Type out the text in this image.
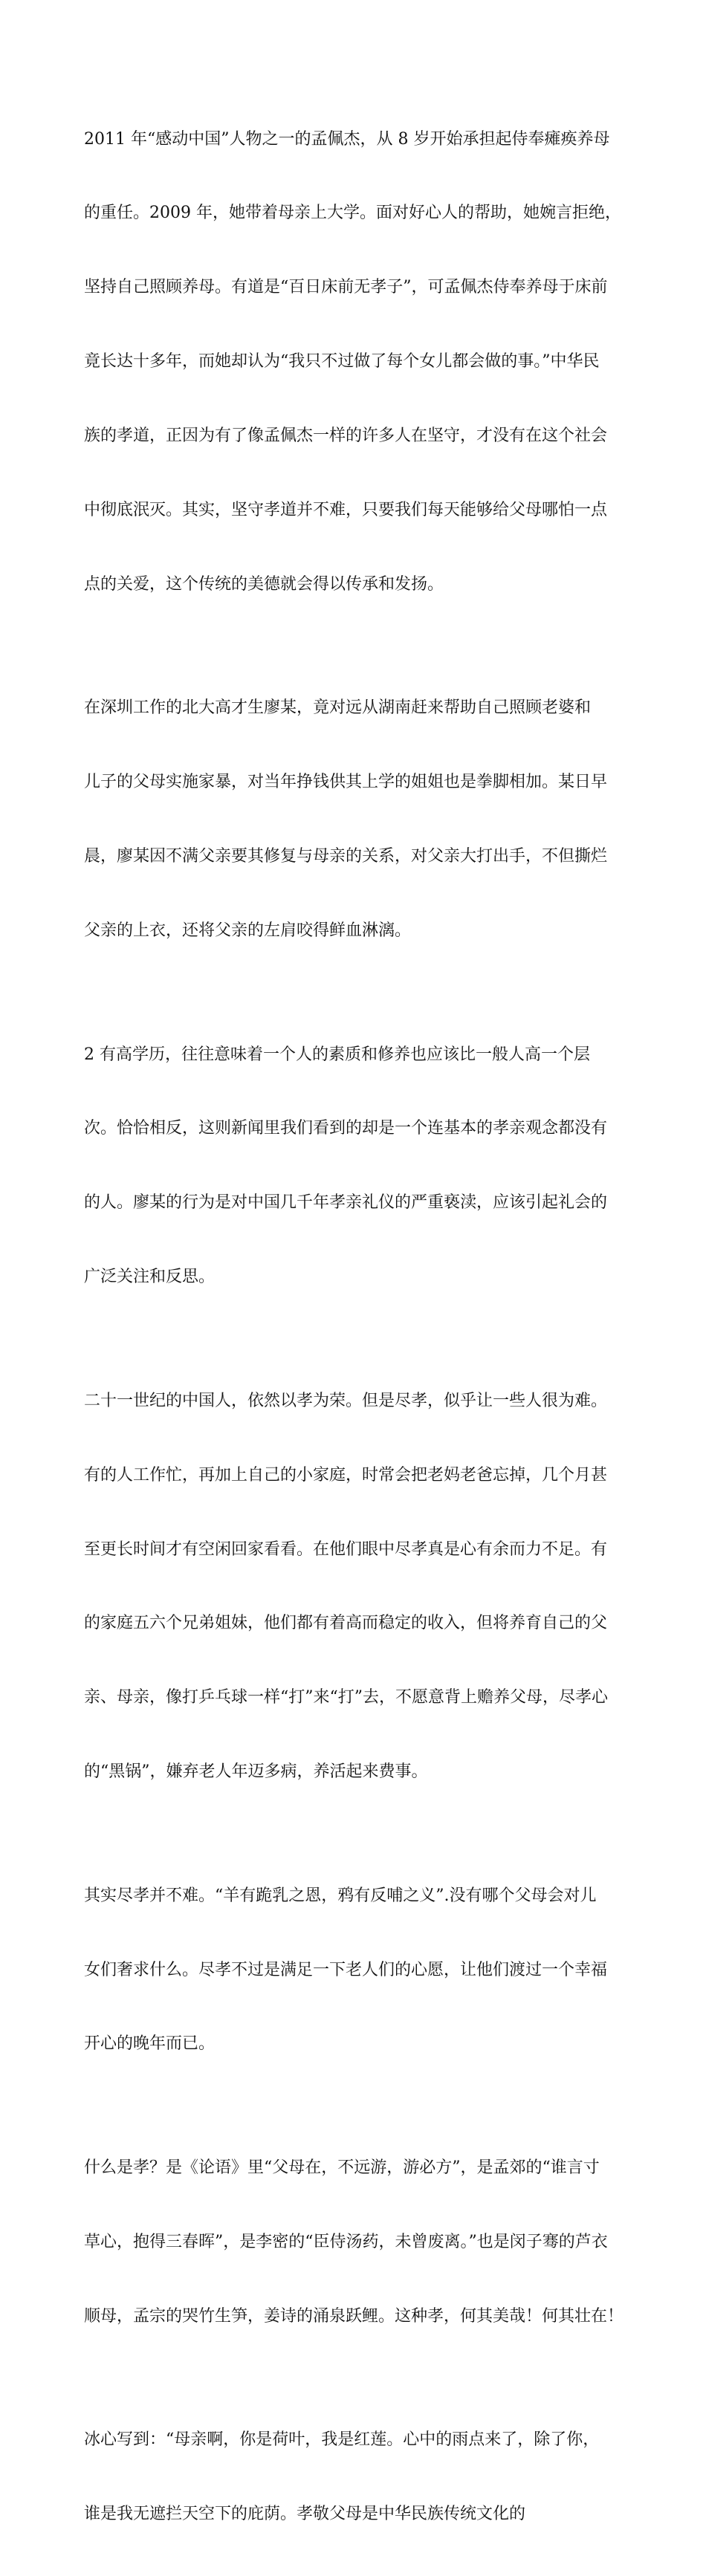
2011 年“感动中国”人物之一的孟佩杰，从 8 岁开始承担起侍奉瘫痪养母

的重任。2009 年，她带着母亲上大学。面对好心人的帮助，她婉言拒绝，

坚持自己照顾养母。有道是“百日床前无孝子”，可孟佩杰侍奉养母于床前

竟长达十多年，而她却认为“我只不过做了每个女儿都会做的事。”中华民

族的孝道，正因为有了像孟佩杰一样的许多人在坚守，才没有在这个社会

中彻底泯灭。其实，坚守孝道并不难，只要我们每天能够给父母哪怕一点

点的关爱，这个传统的美德就会得以传承和发扬。

在深圳工作的北大高才生廖某，竟对远从湖南赶来帮助自己照顾老婆和

儿子的父母实施家暴，对当年挣钱供其上学的姐姐也是拳脚相加。某日早

晨，廖某因不满父亲要其修复与母亲的关系，对父亲大打出手，不但撕烂

父亲的上衣，还将父亲的左肩咬得鲜血淋漓。

2 有高学历，往往意味着一个人的素质和修养也应该比一般人高一个层

次。恰恰相反，这则新闻里我们看到的却是一个连基本的孝亲观念都没有

的人。廖某的行为是对中国几千年孝亲礼仪的严重亵渎，应该引起礼会的

广泛关注和反思。

二十一世纪的中国人，依然以孝为荣。但是尽孝，似乎让一些人很为难。

有的人工作忙，再加上自己的小家庭，时常会把老妈老爸忘掉，几个月甚

至更长时间才有空闲回家看看。在他们眼中尽孝真是心有余而力不足。有

的家庭五六个兄弟姐妹，他们都有着高而稳定的收入，但将养育自己的父

亲、母亲，像打乒乓球一样“打”来“打”去，不愿意背上赡养父母，尽孝心

的“黑锅”，嫌弃老人年迈多病，养活起来费事。

其实尽孝并不难。“羊有跪乳之恩，鸦有反哺之义”.没有哪个父母会对儿

女们奢求什么。尽孝不过是满足一下老人们的心愿，让他们渡过一个幸福

开心的晚年而已。

什么是孝？是《论语》里“父母在，不远游，游必方”，是孟郊的“谁言寸

草心，抱得三春晖”，是李密的“臣侍汤药，未曾废离。”也是闵子骞的芦衣

顺母，孟宗的哭竹生笋，姜诗的涌泉跃鲤。这种孝，何其美哉！何其壮在！

冰心写到：“母亲啊，你是荷叶，我是红莲。心中的雨点来了，除了你，

谁是我无遮拦天空下的庇荫。孝敬父母是中华民族传统文化的
